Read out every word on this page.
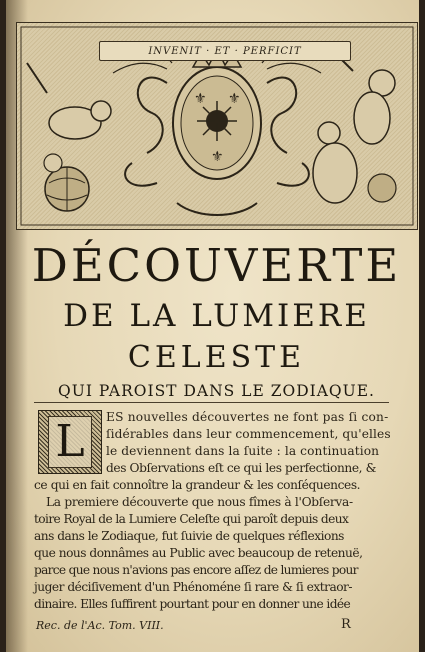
⚜ ⚜
⚜
INVENIT · ET · PERFICIT
DÉCOUVERTE
DE LA LUMIERE
CELESTE
QUI PAROIST DANS LE ZODIAQUE.
L	ES nouvelles découvertes ne font pas ſi con-
ſidérables dans leur commencement, qu'elles
le deviennent dans la ſuite : la continuation
des Obſervations eſt ce qui les perfectionne, &
ce qui en fait connoître la grandeur & les conſéquences.
La premiere découverte que nous fîmes à l'Obſerva-
toire Royal de la Lumiere Celeſte qui paroît depuis deux
ans dans le Zodiaque, fut ſuivie de quelques réflexions
que nous donnâmes au Public avec beaucoup de retenuë,
parce que nous n'avions pas encore aſſez de lumieres pour
juger déciſivement d'un Phénoméne ſi rare & ſi extraor-
dinaire. Elles ſuffirent pourtant pour en donner une idée
Rec. de l'Ac. Tom. VIII.	R
